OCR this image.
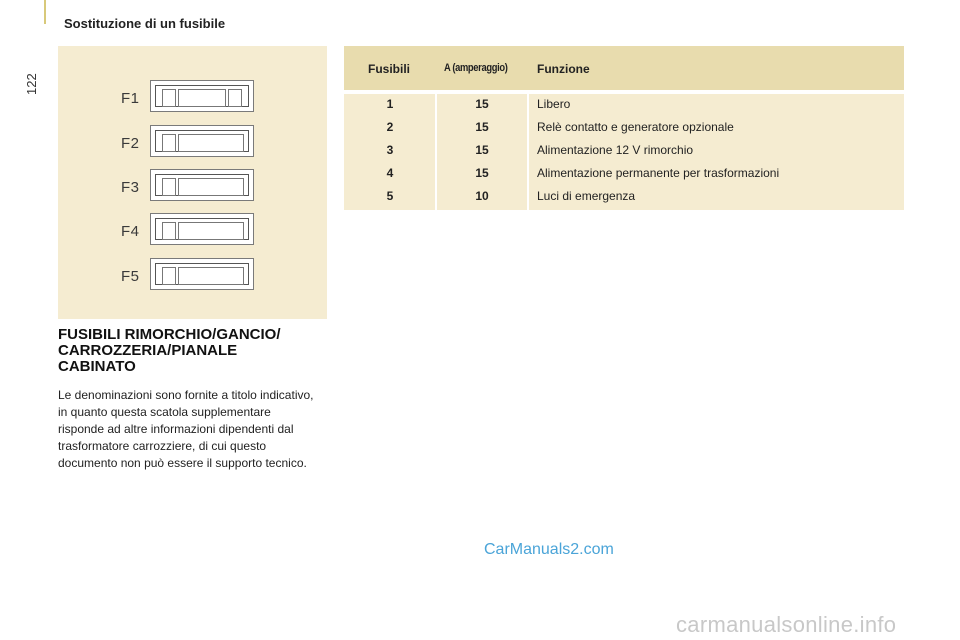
122
Sostituzione di un fusibile
F1
F2
F3
F4
F5
FUSIBILI RIMORCHIO/GANCIO/ CARROZZERIA/PIANALE CABINATO
Le denominazioni sono fornite a titolo indicativo, in quanto questa scatola supplementare risponde ad altre informazioni dipendenti dal trasformatore carrozziere, di cui questo documento non può essere il supporto tecnico.
Fusibili	A (amperaggio) Funzione
1	15	Libero
2	15	Relè contatto e generatore opzionale
3	15	Alimentazione 12 V rimorchio
4	15	Alimentazione permanente per trasformazioni
5	10	Luci di emergenza
CarManuals2.com
carmanualsonline.info
